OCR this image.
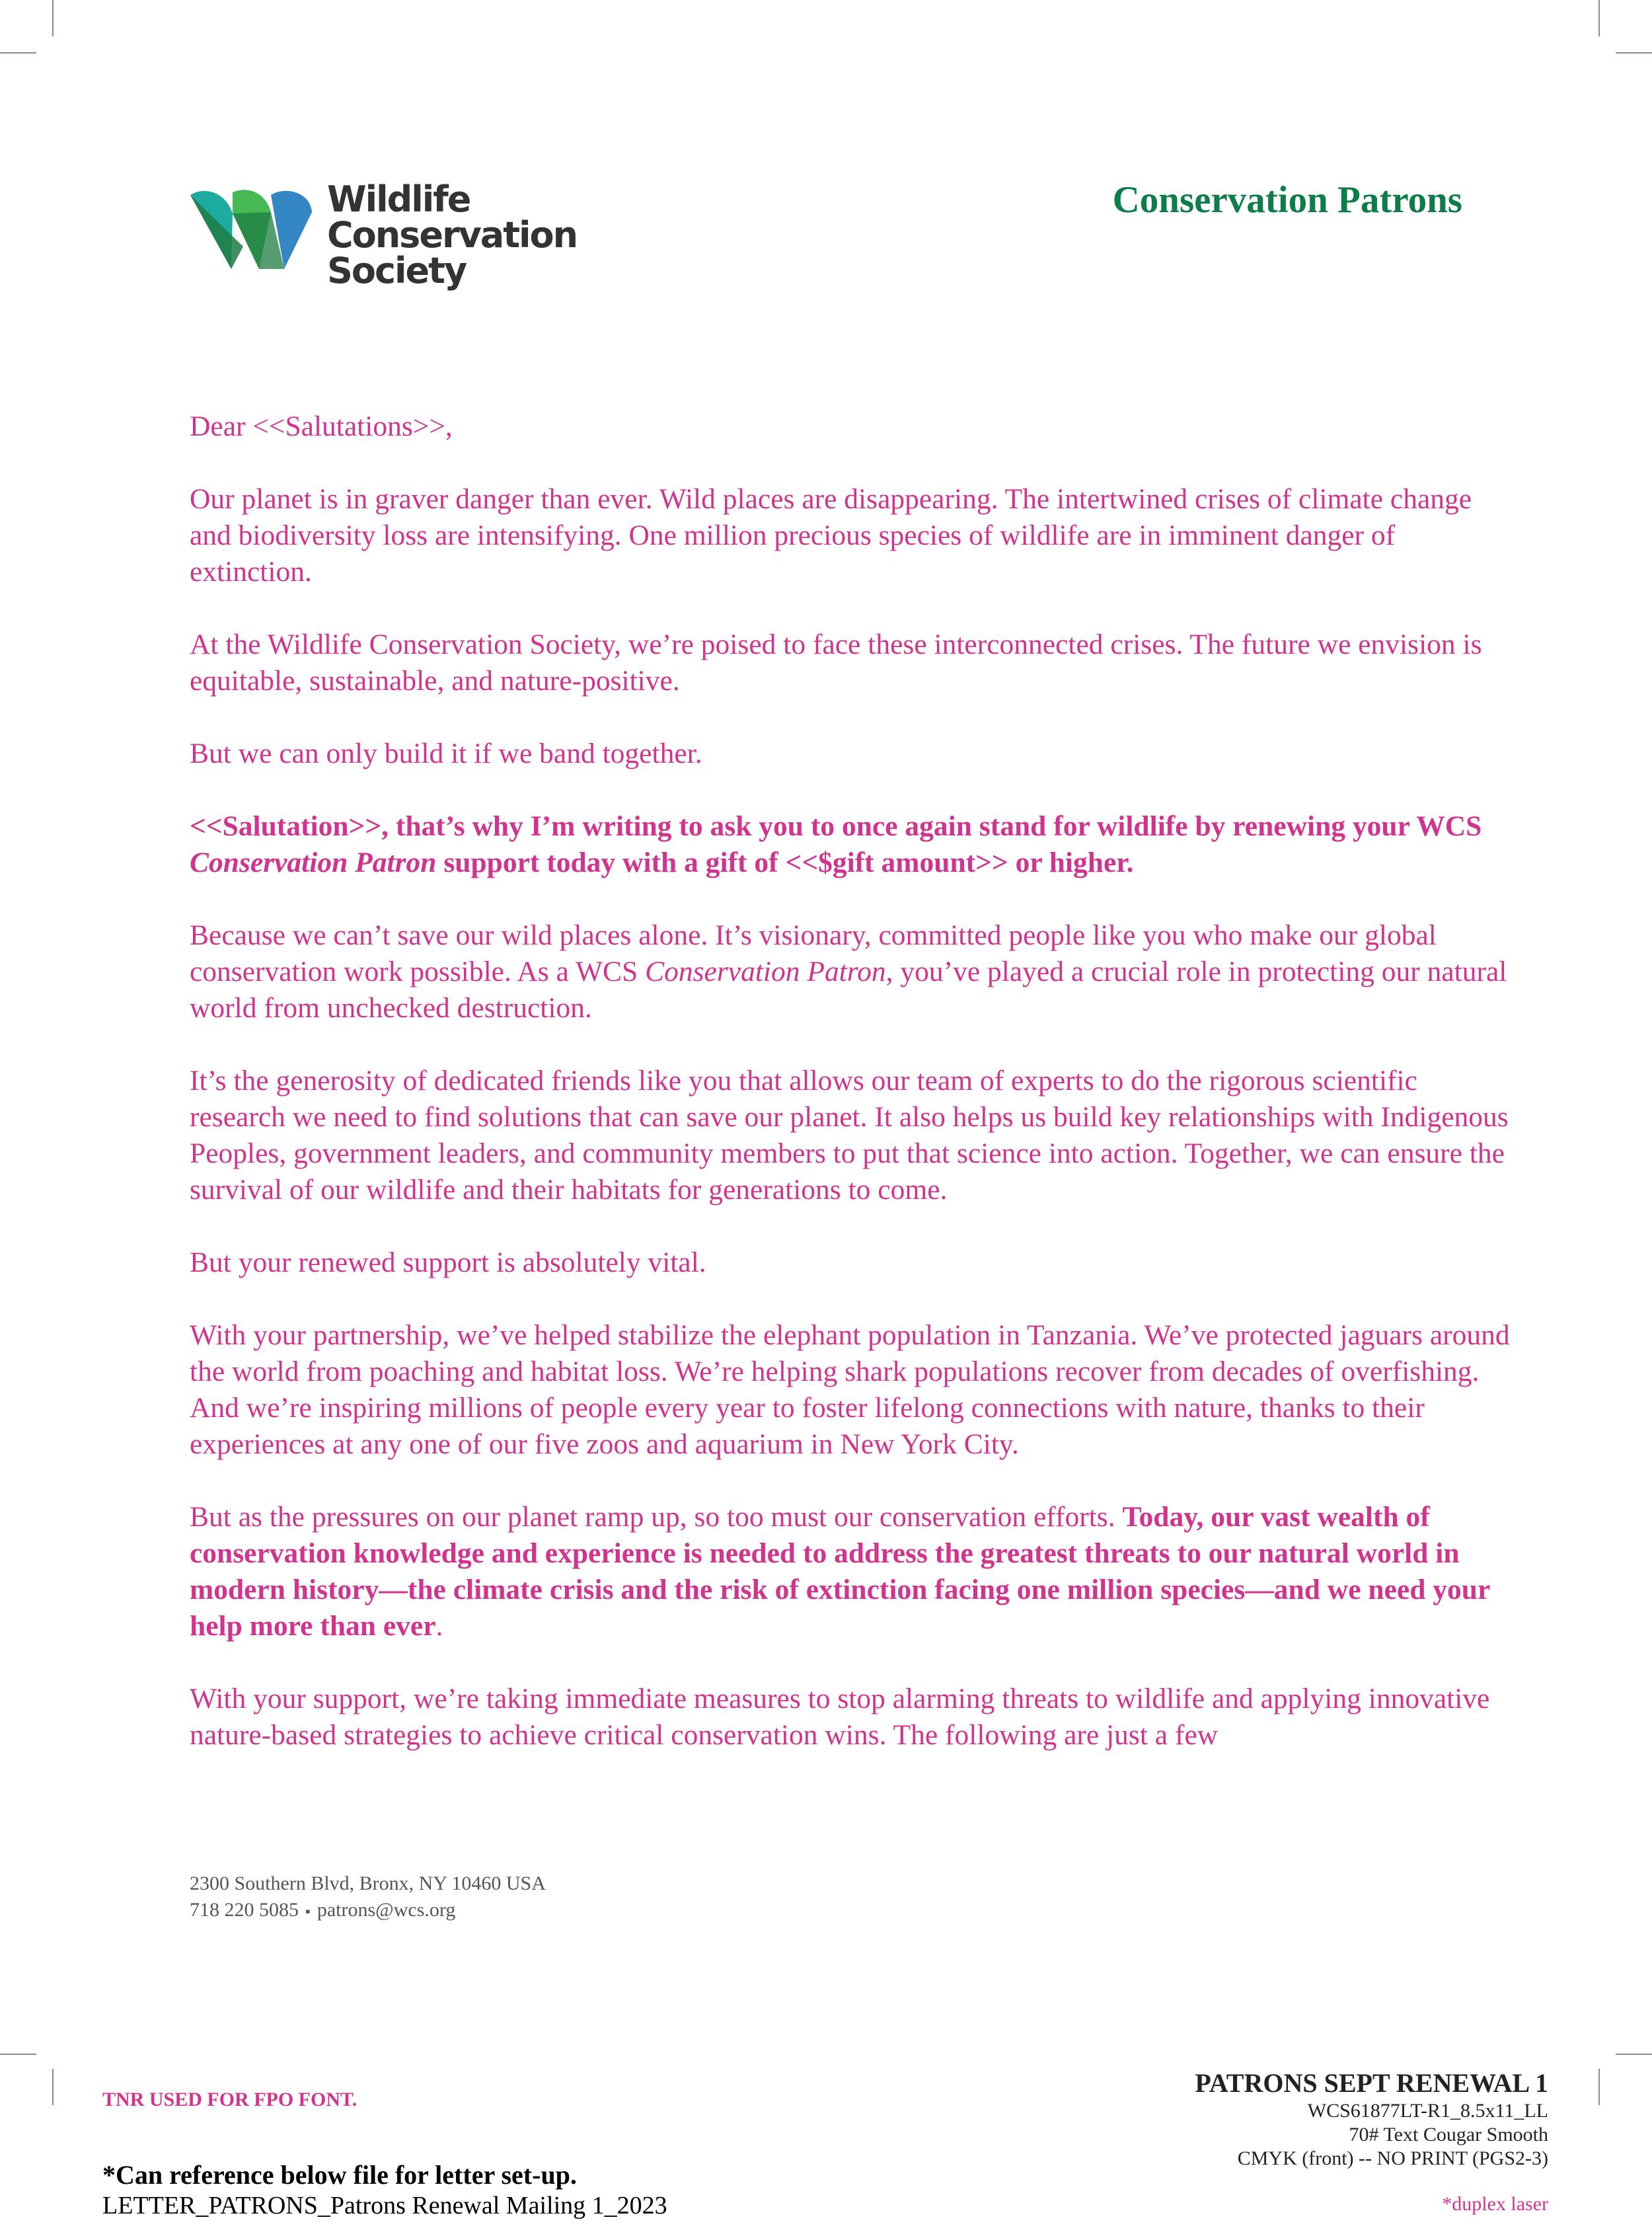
Wildlife
Conservation
Society
Conservation Patrons

Dear <<Salutations>>,

Our planet is in graver danger than ever. Wild places are disappearing. The intertwined crises of climate change and biodiversity loss are intensifying. One million precious species of wildlife are in imminent danger of extinction.

At the Wildlife Conservation Society, we’re poised to face these interconnected crises. The future we envision is equitable, sustainable, and nature-positive.

But we can only build it if we band together.

<<Salutation>>, that’s why I’m writing to ask you to once again stand for wildlife by renewing your WCS Conservation Patron support today with a gift of <<$gift amount>> or higher.

Because we can’t save our wild places alone. It’s visionary, committed people like you who make our global conservation work possible. As a WCS Conservation Patron, you’ve played a crucial role in protecting our natural world from unchecked destruction.

It’s the generosity of dedicated friends like you that allows our team of experts to do the rigorous scientific research we need to find solutions that can save our planet. It also helps us build key relationships with Indigenous Peoples, government leaders, and community members to put that science into action. Together, we can ensure the survival of our wildlife and their habitats for generations to come.

But your renewed support is absolutely vital.

With your partnership, we’ve helped stabilize the elephant population in Tanzania. We’ve protected jaguars around the world from poaching and habitat loss. We’re helping shark populations recover from decades of overfishing. And we’re inspiring millions of people every year to foster lifelong connections with nature, thanks to their experiences at any one of our five zoos and aquarium in New York City.

But as the pressures on our planet ramp up, so too must our conservation efforts. Today, our vast wealth of conservation knowledge and experience is needed to address the greatest threats to our natural world in modern history—the climate crisis and the risk of extinction facing one million species—and we need your help more than ever.

With your support, we’re taking immediate measures to stop alarming threats to wildlife and applying innovative nature-based strategies to achieve critical conservation wins. The following are just a few

2300 Southern Blvd, Bronx, NY 10460 USA
718 220 5085 ▪ patrons@wcs.org
TNR USED FOR FPO FONT.
*Can reference below file for letter set-up.
LETTER_PATRONS_Patrons Renewal Mailing 1_2023
PATRONS SEPT RENEWAL 1
WCS61877LT-R1_8.5x11_LL
70# Text Cougar Smooth
CMYK (front) -- NO PRINT (PGS2-3)
*duplex laser
